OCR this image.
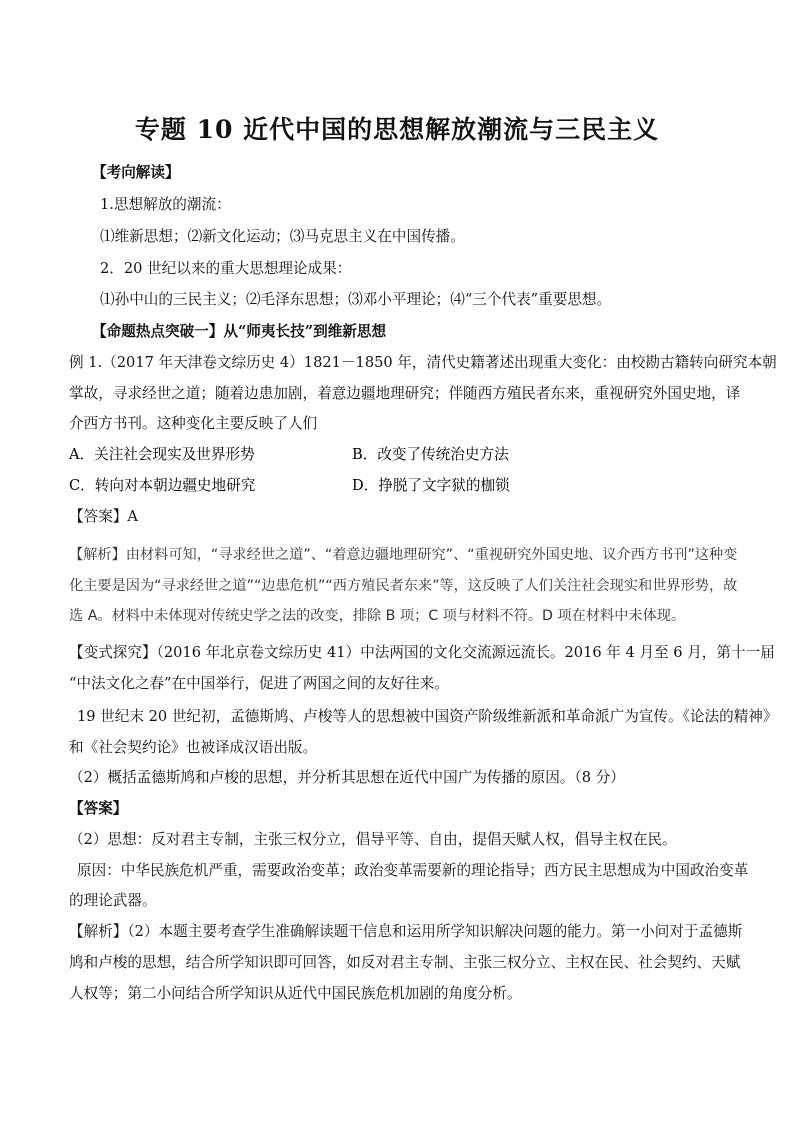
专题 10 近代中国的思想解放潮流与三民主义
【考向解读】
1.思想解放的潮流：
⑴维新思想；⑵新文化运动；⑶马克思主义在中国传播。
2．20 世纪以来的重大思想理论成果：
⑴孙中山的三民主义；⑵毛泽东思想；⑶邓小平理论；⑷“三个代表”重要思想。
【命题热点突破一】从“师夷长技”到维新思想
例 1.（2017 年天津卷文综历史 4）1821－1850 年，清代史籍著述出现重大变化：由校勘古籍转向研究本朝
掌故，寻求经世之道；随着边患加剧，着意边疆地理研究；伴随西方殖民者东来，重视研究外国史地，译
介西方书刊。这种变化主要反映了人们
A．关注社会现实及世界形势	B．改变了传统治史方法
C．转向对本朝边疆史地研究	D．挣脱了文字狱的枷锁
【答案】A
【解析】由材料可知，“寻求经世之道”、“着意边疆地理研究”、“重视研究外国史地、议介西方书刊”这种变
化主要是因为“寻求经世之道”“边患危机”“西方殖民者东来”等，这反映了人们关注社会现实和世界形势，故
选 A。材料中未体现对传统史学之法的改变，排除 B 项；C 项与材料不符。D 项在材料中未体现。
【变式探究】（2016 年北京卷文综历史 41）中法两国的文化交流源远流长。2016 年 4 月至 6 月，第十一届
“中法文化之春”在中国举行，促进了两国之间的友好往来。
19 世纪末 20 世纪初，孟德斯鸠、卢梭等人的思想被中国资产阶级维新派和革命派广为宣传。《论法的精神》
和《社会契约论》也被译成汉语出版。
（2）概括孟德斯鸠和卢梭的思想，并分析其思想在近代中国广为传播的原因。（8 分）
【答案】
（2）思想：反对君主专制，主张三权分立，倡导平等、自由，提倡天赋人权，倡导主权在民。
原因：中华民族危机严重，需要政治变革；政治变革需要新的理论指导；西方民主思想成为中国政治变革
的理论武器。
【解析】（2）本题主要考查学生准确解读题干信息和运用所学知识解决问题的能力。第一小问对于孟德斯
鸠和卢梭的思想，结合所学知识即可回答，如反对君主专制、主张三权分立、主权在民、社会契约、天赋
人权等；第二小问结合所学知识从近代中国民族危机加剧的角度分析。
